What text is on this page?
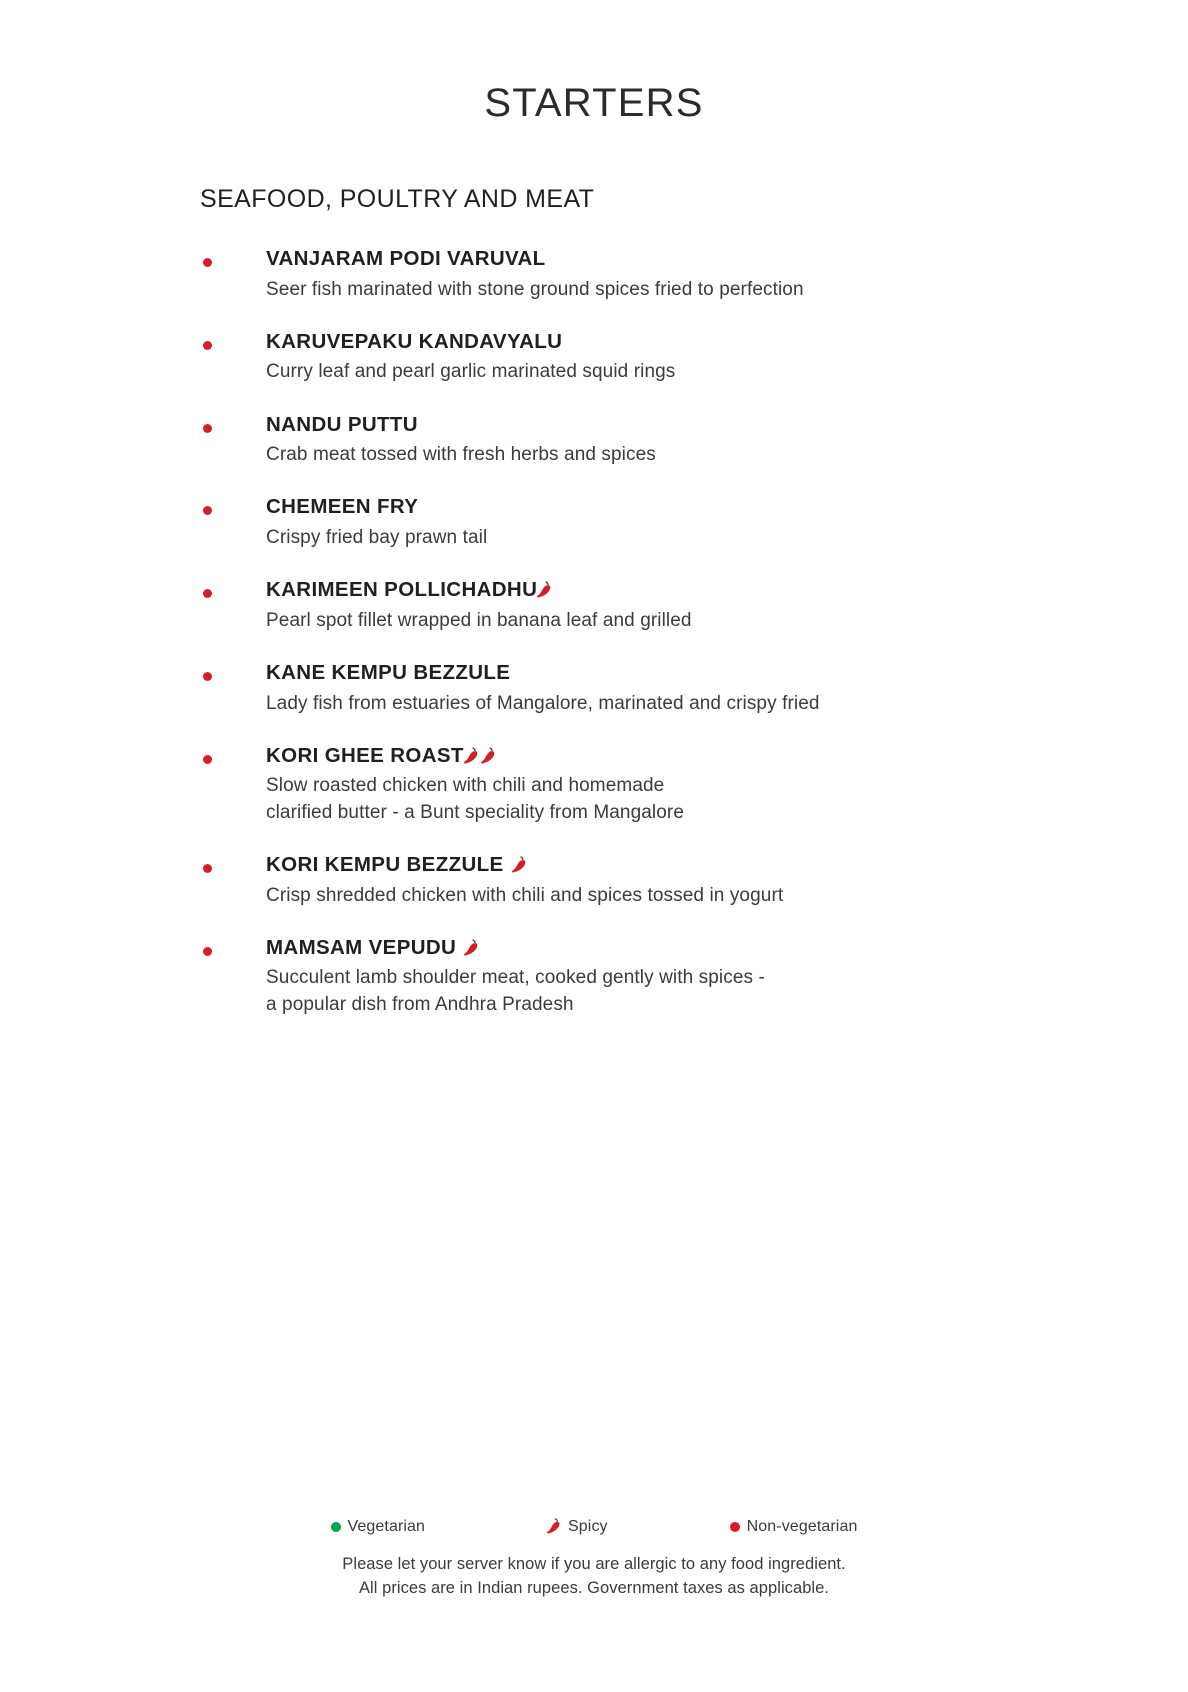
STARTERS
SEAFOOD, POULTRY AND MEAT
VANJARAM PODI VARUVAL
Seer fish marinated with stone ground spices fried to perfection
KARUVEPAKU KANDAVYALU
Curry leaf and pearl garlic marinated squid rings
NANDU PUTTU
Crab meat tossed with fresh herbs and spices
CHEMEEN FRY
Crispy fried bay prawn tail
KARIMEEN POLLICHADHU
Pearl spot fillet wrapped in banana leaf and grilled
KANE KEMPU BEZZULE
Lady fish from estuaries of Mangalore, marinated and crispy fried
KORI GHEE ROAST
Slow roasted chicken with chili and homemade
clarified butter - a Bunt speciality from Mangalore
KORI KEMPU BEZZULE
Crisp shredded chicken with chili and spices tossed in yogurt
MAMSAM VEPUDU
Succulent lamb shoulder meat, cooked gently with spices -
a popular dish from Andhra Pradesh
Vegetarian	Spicy	Non-vegetarian
Please let your server know if you are allergic to any food ingredient.
All prices are in Indian rupees. Government taxes as applicable.
